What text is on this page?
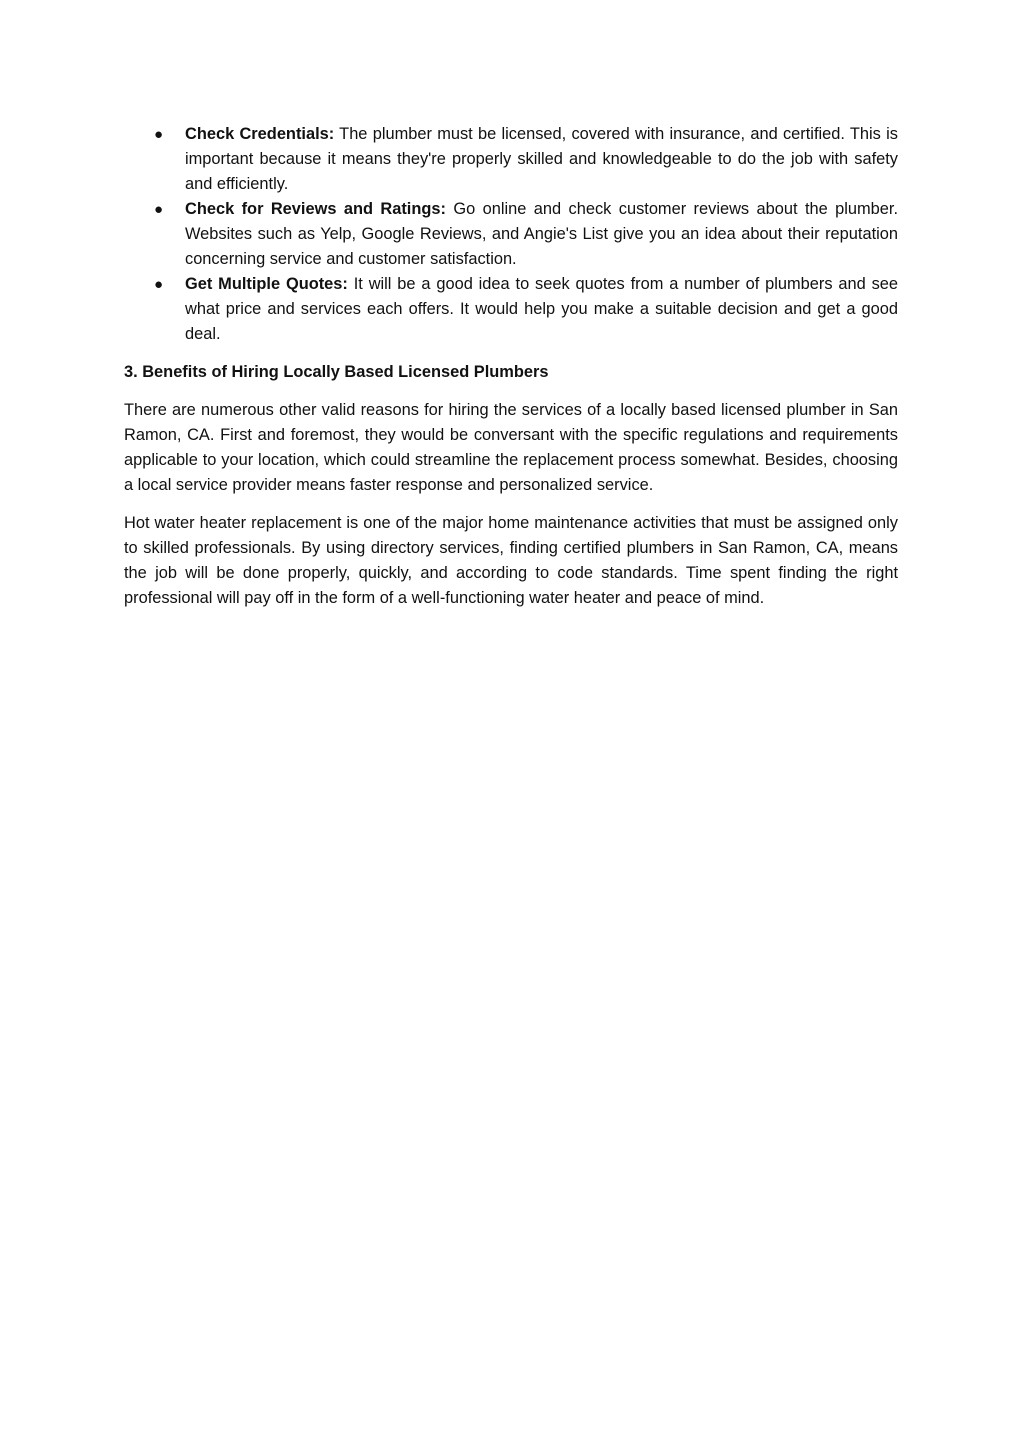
● Check Credentials: The plumber must be licensed, covered with insurance, and certified. This is important because it means they're properly skilled and knowledgeable to do the job with safety and efficiently.
● Check for Reviews and Ratings: Go online and check customer reviews about the plumber. Websites such as Yelp, Google Reviews, and Angie's List give you an idea about their reputation concerning service and customer satisfaction.
● Get Multiple Quotes: It will be a good idea to seek quotes from a number of plumbers and see what price and services each offers. It would help you make a suitable decision and get a good deal.
3. Benefits of Hiring Locally Based Licensed Plumbers

There are numerous other valid reasons for hiring the services of a locally based licensed plumber in San Ramon, CA. First and foremost, they would be conversant with the specific regulations and requirements applicable to your location, which could streamline the replacement process somewhat. Besides, choosing a local service provider means faster response and personalized service.

Hot water heater replacement is one of the major home maintenance activities that must be assigned only to skilled professionals. By using directory services, finding certified plumbers in San Ramon, CA, means the job will be done properly, quickly, and according to code standards. Time spent finding the right professional will pay off in the form of a well-functioning water heater and peace of mind.
